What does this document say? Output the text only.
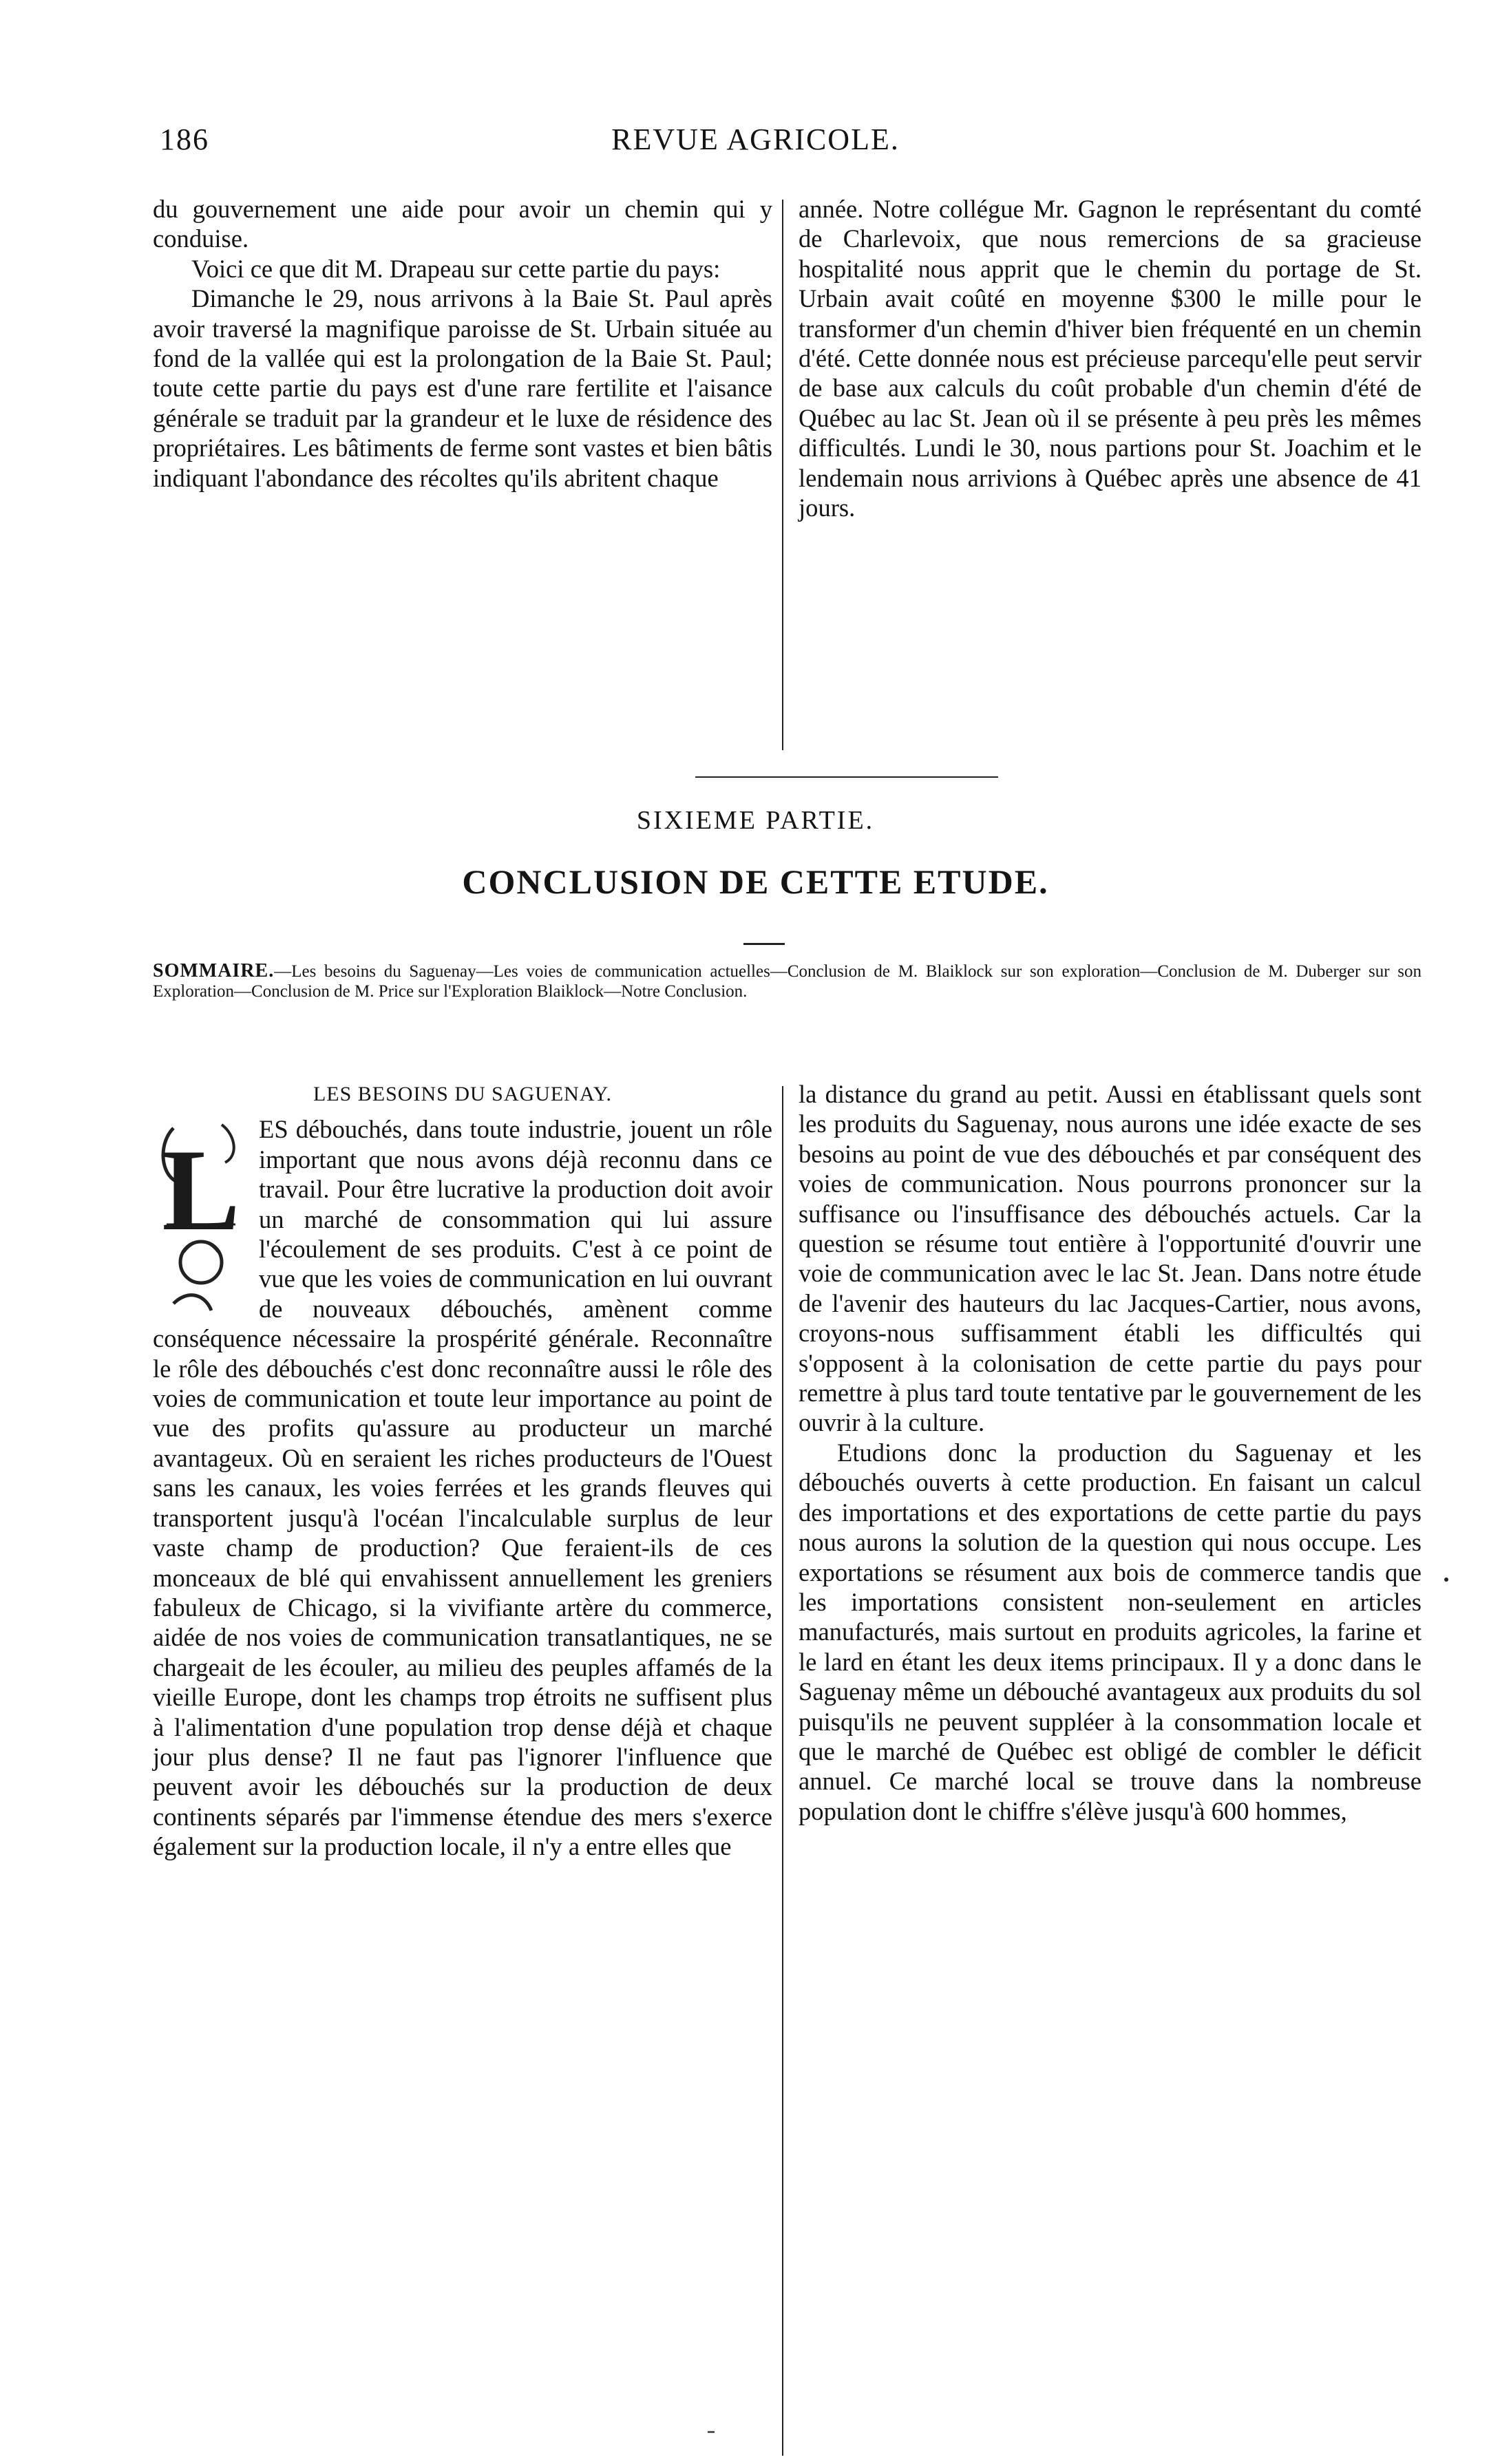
186	REVUE AGRICOLE.

du gouvernement une aide pour avoir un chemin qui y conduise.

Voici ce que dit M. Drapeau sur cette partie du pays:

Dimanche le 29, nous arrivons à la Baie St. Paul après avoir traversé la magnifique paroisse de St. Urbain située au fond de la vallée qui est la prolongation de la Baie St. Paul; toute cette partie du pays est d'une rare fertilite et l'aisance générale se traduit par la grandeur et le luxe de résidence des propriétaires. Les bâtiments de ferme sont vastes et bien bâtis indiquant l'abondance des récoltes qu'ils abritent chaque

année. Notre collégue Mr. Gagnon le représentant du comté de Charlevoix, que nous remercions de sa gracieuse hospitalité nous apprit que le chemin du portage de St. Urbain avait coûté en moyenne $300 le mille pour le transformer d'un chemin d'hiver bien fréquenté en un chemin d'été. Cette donnée nous est précieuse parcequ'elle peut servir de base aux calculs du coût probable d'un chemin d'été de Québec au lac St. Jean où il se présente à peu près les mêmes difficultés. Lundi le 30, nous partions pour St. Joachim et le lendemain nous arrivions à Québec après une absence de 41 jours.

SIXIEME PARTIE.
CONCLUSION DE CETTE ETUDE.
SOMMAIRE.—Les besoins du Saguenay—Les voies de communication actuelles—Conclusion de M. Blaiklock sur son exploration—Conclusion de M. Duberger sur son Exploration—Conclusion de M. Price sur l'Exploration Blaiklock—Notre Conclusion.
LES BESOINS DU SAGUENAY.
L ES débouchés, dans toute industrie, jouent un rôle important que nous avons déjà reconnu dans ce travail. Pour être lucrative la production doit avoir un marché de consommation qui lui assure l'écoulement de ses produits. C'est à ce point de vue que les voies de communication en lui ouvrant de nouveaux débouchés, amènent comme conséquence nécessaire la prospérité générale. Reconnaître le rôle des débouchés c'est donc reconnaître aussi le rôle des voies de communication et toute leur importance au point de vue des profits qu'assure au producteur un marché avantageux. Où en seraient les riches producteurs de l'Ouest sans les canaux, les voies ferrées et les grands fleuves qui transportent jusqu'à l'océan l'incalculable surplus de leur vaste champ de production? Que feraient-ils de ces monceaux de blé qui envahissent annuellement les greniers fabuleux de Chicago, si la vivifiante artère du commerce, aidée de nos voies de communication transatlantiques, ne se chargeait de les écouler, au milieu des peuples affamés de la vieille Europe, dont les champs trop étroits ne suffisent plus à l'alimentation d'une population trop dense déjà et chaque jour plus dense? Il ne faut pas l'ignorer l'influence que peuvent avoir les débouchés sur la production de deux continents séparés par l'immense étendue des mers s'exerce également sur la production locale, il n'y a entre elles que

la distance du grand au petit. Aussi en établissant quels sont les produits du Saguenay, nous aurons une idée exacte de ses besoins au point de vue des débouchés et par conséquent des voies de communication. Nous pourrons prononcer sur la suffisance ou l'insuffisance des débouchés actuels. Car la question se résume tout entière à l'opportunité d'ouvrir une voie de communication avec le lac St. Jean. Dans notre étude de l'avenir des hauteurs du lac Jacques-Cartier, nous avons, croyons-nous suffisamment établi les difficultés qui s'opposent à la colonisation de cette partie du pays pour remettre à plus tard toute tentative par le gouvernement de les ouvrir à la culture.

Etudions donc la production du Saguenay et les débouchés ouverts à cette production. En faisant un calcul des importations et des exportations de cette partie du pays nous aurons la solution de la question qui nous occupe. Les exportations se résument aux bois de commerce tandis que les importations consistent non-seulement en articles manufacturés, mais surtout en produits agricoles, la farine et le lard en étant les deux items principaux. Il y a donc dans le Saguenay même un débouché avantageux aux produits du sol puisqu'ils ne peuvent suppléer à la consommation locale et que le marché de Québec est obligé de combler le déficit annuel. Ce marché local se trouve dans la nombreuse population dont le chiffre s'élève jusqu'à 600 hommes,
